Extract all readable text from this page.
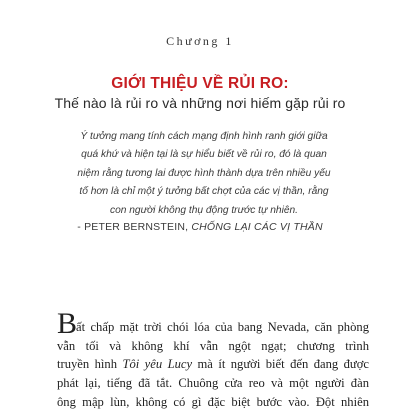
Chương 1
GIỚI THIỆU VỀ RỦI RO:
Thế nào là rủi ro và những nơi hiếm gặp rủi ro
Ý tưởng mang tính cách mạng định hình ranh giới giữa
quá khứ và hiện tại là sự hiểu biết về rủi ro, đó là quan
niệm rằng tương lai được hình thành dựa trên nhiều yếu
tố hơn là chỉ một ý tưởng bất chợt của các vị thần, rằng
con người không thụ động trước tự nhiên.
- PETER BERNSTEIN, CHỐNG LẠI CÁC VỊ THẦN
B
ất chấp mặt trời chói lóa của bang Nevada, căn phòng
vẫn tối và không khí vẫn ngột ngạt; chương trình
truyền hình Tôi yêu Lucy mà ít người biết đến đang được
phát lại, tiếng đã tắt. Chuông cửa reo và một người đàn
ông mập lùn, không có gì đặc biệt bước vào. Đột nhiên
